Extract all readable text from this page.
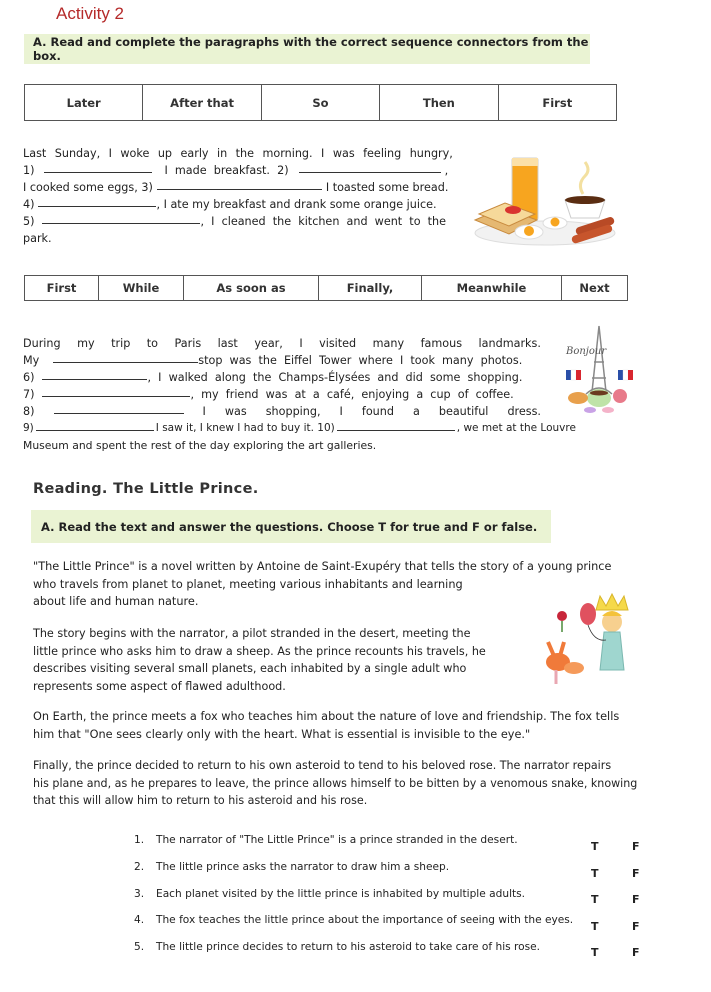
Activity 2
A. Read and complete the paragraphs with the correct sequence connectors from the box.
Later	After that	So	Then	First
Last Sunday, I woke up early in the morning. I was feeling hungry,
1)	I  made  breakfast.  2)	,
I cooked some eggs, 3)	I toasted some bread.
4)	, I ate my breakfast and drank some orange juice.
5)	,  I  cleaned  the  kitchen  and  went  to  the
park.
First	While	As soon as	Finally,	Meanwhile	Next
During my trip to Paris last year, I visited many famous landmarks.
My	stop  was  the  Eiffel  Tower  where  I  took  many  photos.
6)	,  I  walked  along  the  Champs-Élysées  and  did  some  shopping.
7)	,  my  friend  was  at  a  café,  enjoying  a  cup  of  coffee.
8)	I was shopping, I found a beautiful dress.
9)	I saw it, I knew I had to buy it. 10)	, we met at the Louvre
Museum and spent the rest of the day exploring the art galleries.
Bonjour
Reading. The Little Prince.
A. Read the text and answer the questions. Choose T for true and F or false.
"The Little Prince" is a novel written by Antoine de Saint-Exupéry that tells the story of a young prince
who travels from planet to planet, meeting various inhabitants and learning
about life and human nature.
The story begins with the narrator, a pilot stranded in the desert, meeting the
little prince who asks him to draw a sheep. As the prince recounts his travels, he
describes visiting several small planets, each inhabited by a single adult who
represents some aspect of flawed adulthood.
On Earth, the prince meets a fox who teaches him about the nature of love and friendship. The fox tells
him that "One sees clearly only with the heart. What is essential is invisible to the eye."
Finally, the prince decided to return to his own asteroid to tend to his beloved rose. The narrator repairs
his plane and, as he prepares to leave, the prince allows himself to be bitten by a venomous snake, knowing
that this will allow him to return to his asteroid and his rose.
1.	The narrator of "The Little Prince" is a prince stranded in the desert.	T	F
2.	The little prince asks the narrator to draw him a sheep.	T	F
3.	Each planet visited by the little prince is inhabited by multiple adults.	T	F
4.	The fox teaches the little prince about the importance of seeing with the eyes.	T	F
5.	The little prince decides to return to his asteroid to take care of his rose.	T	F
